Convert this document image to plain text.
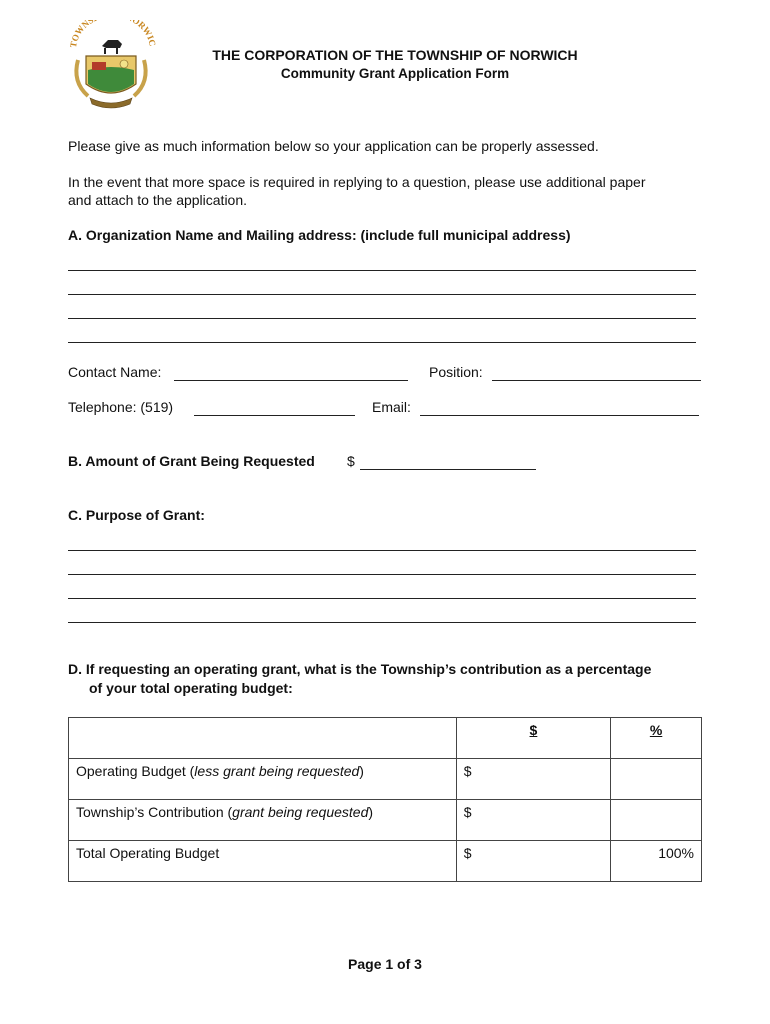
TOWNS ORWI
THE CORPORATION OF THE TOWNSHIP OF NORWICH
Community Grant Application Form
Please give as much information below so your application can be properly assessed.
In the event that more space is required in replying to a question, please use additional paper
and attach to the application.
A. Organization Name and Mailing address: (include full municipal address)
Contact Name:	Position:
Telephone: (519)	Email:
B. Amount of Grant Being Requested $
C. Purpose of Grant:
D. If requesting an operating grant, what is the Township’s contribution as a percentage
of your total operating budget:
	$	%
Operating Budget (less grant being requested)	$	
Township’s Contribution (grant being requested)	$	
Total Operating Budget	$	100%
Page 1 of 3
